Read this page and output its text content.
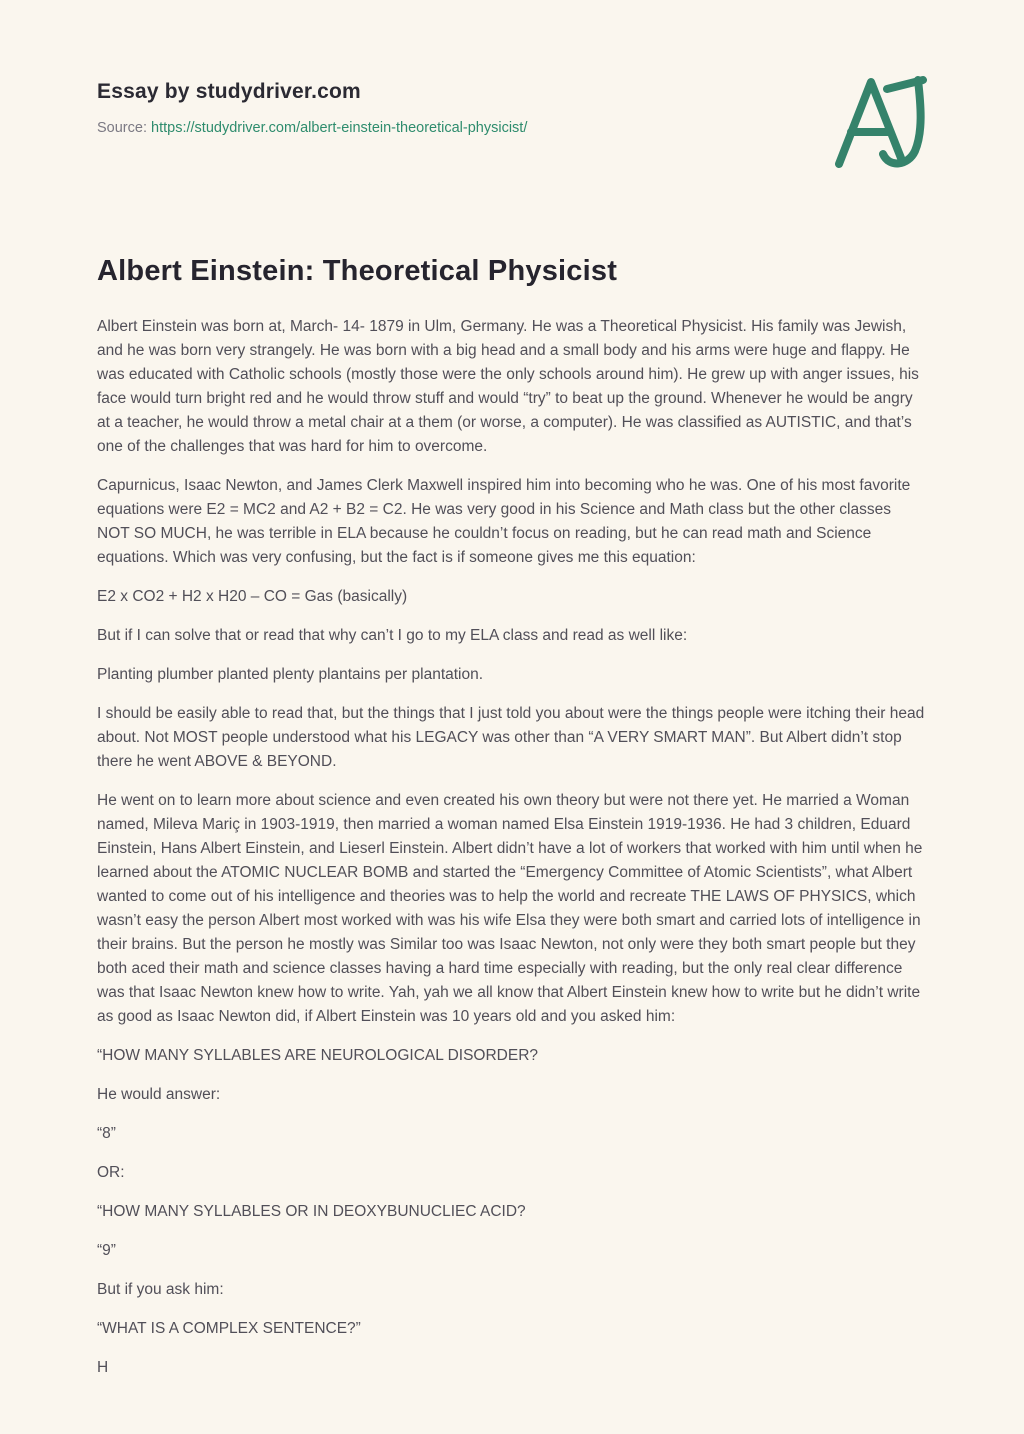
Essay by studydriver.com
Source: https://studydriver.com/albert-einstein-theoretical-physicist/
Albert Einstein: Theoretical Physicist

Albert Einstein was born at, March- 14- 1879 in Ulm, Germany. He was a Theoretical Physicist. His family was Jewish, and he was born very strangely. He was born with a big head and a small body and his arms were huge and flappy. He was educated with Catholic schools (mostly those were the only schools around him). He grew up with anger issues, his face would turn bright red and he would throw stuff and would “try” to beat up the ground. Whenever he would be angry at a teacher, he would throw a metal chair at a them (or worse, a computer). He was classified as AUTISTIC, and that’s one of the challenges that was hard for him to overcome.

Capurnicus, Isaac Newton, and James Clerk Maxwell inspired him into becoming who he was. One of his most favorite equations were E2 = MC2 and A2 + B2 = C2. He was very good in his Science and Math class but the other classes NOT SO MUCH, he was terrible in ELA because he couldn’t focus on reading, but he can read math and Science equations. Which was very confusing, but the fact is if someone gives me this equation:

E2 x CO2 + H2 x H20 – CO = Gas (basically)

But if I can solve that or read that why can’t I go to my ELA class and read as well like:

Planting plumber planted plenty plantains per plantation.

I should be easily able to read that, but the things that I just told you about were the things people were itching their head about. Not MOST people understood what his LEGACY was other than “A VERY SMART MAN”. But Albert didn’t stop there he went ABOVE & BEYOND.

He went on to learn more about science and even created his own theory but were not there yet. He married a Woman named, Mileva Mariç in 1903-1919, then married a woman named Elsa Einstein 1919-1936. He had 3 children, Eduard Einstein, Hans Albert Einstein, and Lieserl Einstein. Albert didn’t have a lot of workers that worked with him until when he learned about the ATOMIC NUCLEAR BOMB and started the “Emergency Committee of Atomic Scientists”, what Albert wanted to come out of his intelligence and theories was to help the world and recreate THE LAWS OF PHYSICS, which wasn’t easy the person Albert most worked with was his wife Elsa they were both smart and carried lots of intelligence in their brains. But the person he mostly was Similar too was Isaac Newton, not only were they both smart people but they both aced their math and science classes having a hard time especially with reading, but the only real clear difference was that Isaac Newton knew how to write. Yah, yah we all know that Albert Einstein knew how to write but he didn’t write as good as Isaac Newton did, if Albert Einstein was 10 years old and you asked him:

“HOW MANY SYLLABLES ARE NEUROLOGICAL DISORDER?

He would answer:

“8”

OR:

“HOW MANY SYLLABLES OR IN DEOXYBUNUCLIEC ACID?

“9”

But if you ask him:

“WHAT IS A COMPLEX SENTENCE?”

H
